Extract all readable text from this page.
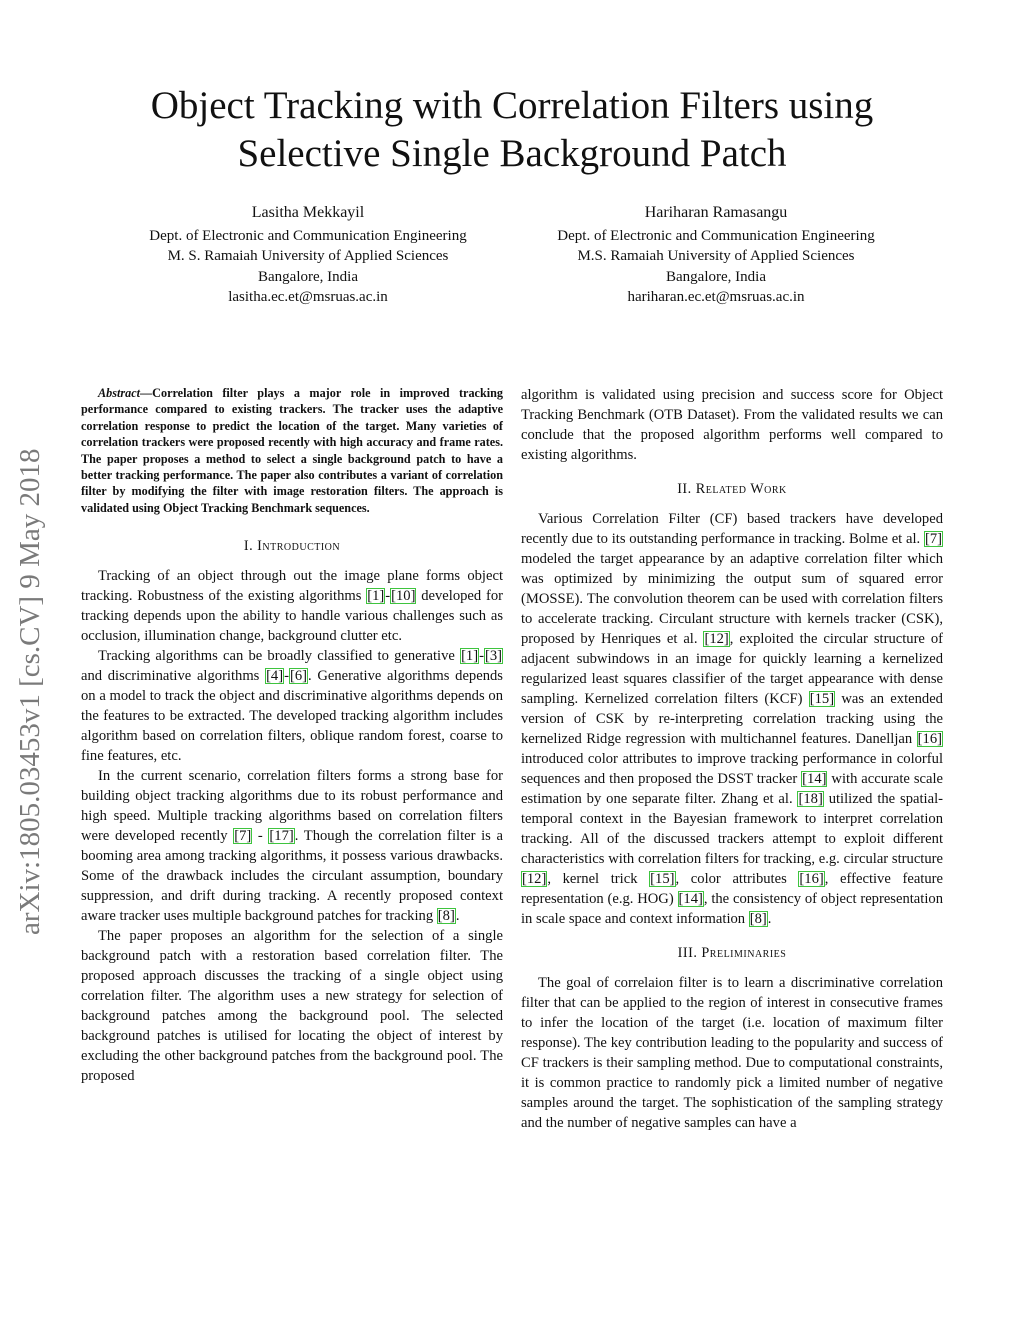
arXiv:1805.03453v1 [cs.CV] 9 May 2018
Object Tracking with Correlation Filters using
Selective Single Background Patch
Lasitha Mekkayil
Dept. of Electronic and Communication Engineering
M. S. Ramaiah University of Applied Sciences
Bangalore, India
lasitha.ec.et@msruas.ac.in
Hariharan Ramasangu
Dept. of Electronic and Communication Engineering
M.S. Ramaiah University of Applied Sciences
Bangalore, India
hariharan.ec.et@msruas.ac.in

Abstract—Correlation filter plays a major role in improved tracking performance compared to existing trackers. The tracker uses the adaptive correlation response to predict the location of the target. Many varieties of correlation trackers were proposed recently with high accuracy and frame rates. The paper proposes a method to select a single background patch to have a better tracking performance. The paper also contributes a variant of correlation filter by modifying the filter with image restoration filters. The approach is validated using Object Tracking Benchmark sequences.

I. Introduction

Tracking of an object through out the image plane forms object tracking. Robustness of the existing algorithms [1]-[10] developed for tracking depends upon the ability to handle various challenges such as occlusion, illumination change, background clutter etc.

Tracking algorithms can be broadly classified to generative [1]-[3] and discriminative algorithms [4]-[6]. Generative algorithms depends on a model to track the object and discriminative algorithms depends on the features to be extracted. The developed tracking algorithm includes algorithm based on correlation filters, oblique random forest, coarse to fine features, etc.

In the current scenario, correlation filters forms a strong base for building object tracking algorithms due to its robust performance and high speed. Multiple tracking algorithms based on correlation filters were developed recently [7] - [17]. Though the correlation filter is a booming area among tracking algorithms, it possess various drawbacks. Some of the drawback includes the circulant assumption, boundary suppression, and drift during tracking. A recently proposed context aware tracker uses multiple background patches for tracking [8].

The paper proposes an algorithm for the selection of a single background patch with a restoration based correlation filter. The proposed approach discusses the tracking of a single object using correlation filter. The algorithm uses a new strategy for selection of background patches among the background pool. The selected background patches is utilised for locating the object of interest by excluding the other background patches from the background pool. The proposed

algorithm is validated using precision and success score for Object Tracking Benchmark (OTB Dataset). From the validated results we can conclude that the proposed algorithm performs well compared to existing algorithms.

II. Related Work

Various Correlation Filter (CF) based trackers have developed recently due to its outstanding performance in tracking. Bolme et al. [7] modeled the target appearance by an adaptive correlation filter which was optimized by minimizing the output sum of squared error (MOSSE). The convolution theorem can be used with correlation filters to accelerate tracking. Circulant structure with kernels tracker (CSK), proposed by Henriques et al. [12], exploited the circular structure of adjacent subwindows in an image for quickly learning a kernelized regularized least squares classifier of the target appearance with dense sampling. Kernelized correlation filters (KCF) [15] was an extended version of CSK by re-interpreting correlation tracking using the kernelized Ridge regression with multichannel features. Danelljan [16] introduced color attributes to improve tracking performance in colorful sequences and then proposed the DSST tracker [14] with accurate scale estimation by one separate filter. Zhang et al. [18] utilized the spatial-temporal context in the Bayesian framework to interpret correlation tracking. All of the discussed trackers attempt to exploit different characteristics with correlation filters for tracking, e.g. circular structure [12], kernel trick [15], color attributes [16], effective feature representation (e.g. HOG) [14], the consistency of object representation in scale space and context information [8].

III. Preliminaries

The goal of correlaion filter is to learn a discriminative correlation filter that can be applied to the region of interest in consecutive frames to infer the location of the target (i.e. location of maximum filter response). The key contribution leading to the popularity and success of CF trackers is their sampling method. Due to computational constraints, it is common practice to randomly pick a limited number of negative samples around the target. The sophistication of the sampling strategy and the number of negative samples can have a
